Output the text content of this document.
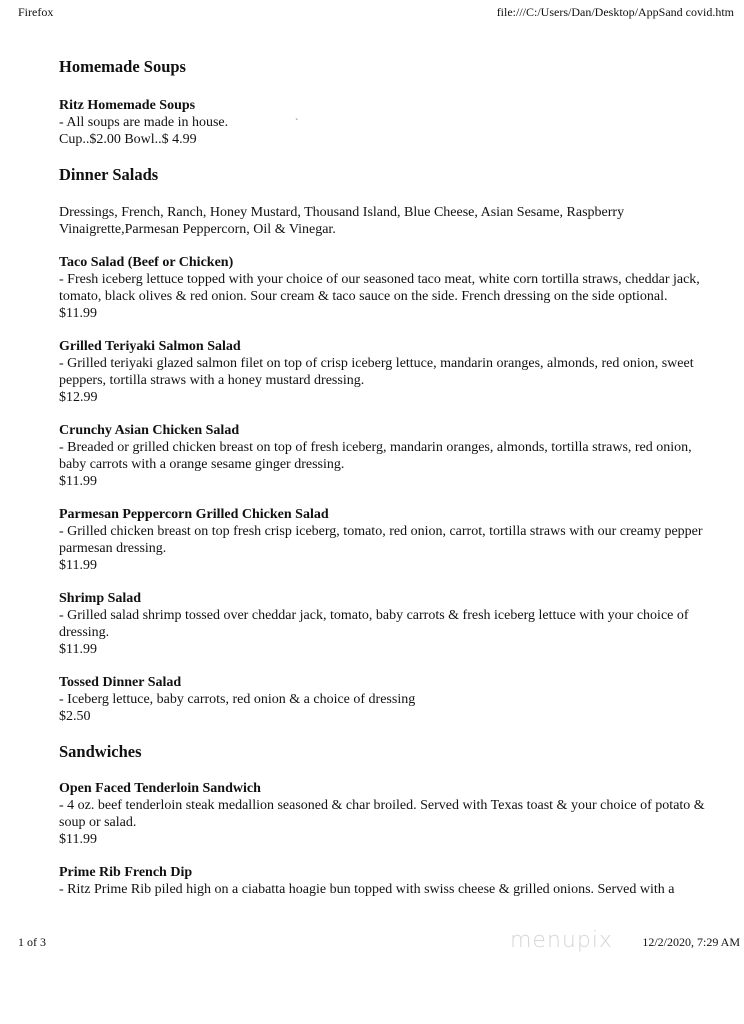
Firefox	file:///C:/Users/Dan/Desktop/AppSand covid.htm
`
Homemade Soups
Ritz Homemade Soups
- All soups are made in house.
Cup..$2.00 Bowl..$ 4.99
Dinner Salads
Dressings, French, Ranch, Honey Mustard, Thousand Island, Blue Cheese, Asian Sesame, Raspberry Vinaigrette,Parmesan Peppercorn, Oil & Vinegar.
Taco Salad (Beef or Chicken)
- Fresh iceberg lettuce topped with your choice of our seasoned taco meat, white corn tortilla straws, cheddar jack, tomato, black olives & red onion. Sour cream & taco sauce on the side. French dressing on the side optional.
$11.99
Grilled Teriyaki Salmon Salad
- Grilled teriyaki glazed salmon filet on top of crisp iceberg lettuce, mandarin oranges, almonds, red onion, sweet peppers, tortilla straws with a honey mustard dressing.
$12.99
Crunchy Asian Chicken Salad
- Breaded or grilled chicken breast on top of fresh iceberg, mandarin oranges, almonds, tortilla straws, red onion, baby carrots with a orange sesame ginger dressing.
$11.99
Parmesan Peppercorn Grilled Chicken Salad
- Grilled chicken breast on top fresh crisp iceberg, tomato, red onion, carrot, tortilla straws with our creamy pepper parmesan dressing.
$11.99
Shrimp Salad
- Grilled salad shrimp tossed over cheddar jack, tomato, baby carrots & fresh iceberg lettuce with your choice of dressing.
$11.99
Tossed Dinner Salad
- Iceberg lettuce, baby carrots, red onion & a choice of dressing
$2.50
Sandwiches
Open Faced Tenderloin Sandwich
- 4 oz. beef tenderloin steak medallion seasoned & char broiled. Served with Texas toast & your choice of potato & soup or salad.
$11.99
Prime Rib French Dip
- Ritz Prime Rib piled high on a ciabatta hoagie bun topped with swiss cheese & grilled onions. Served with a
1 of 3	menupix 12/2/2020, 7:29 AM
